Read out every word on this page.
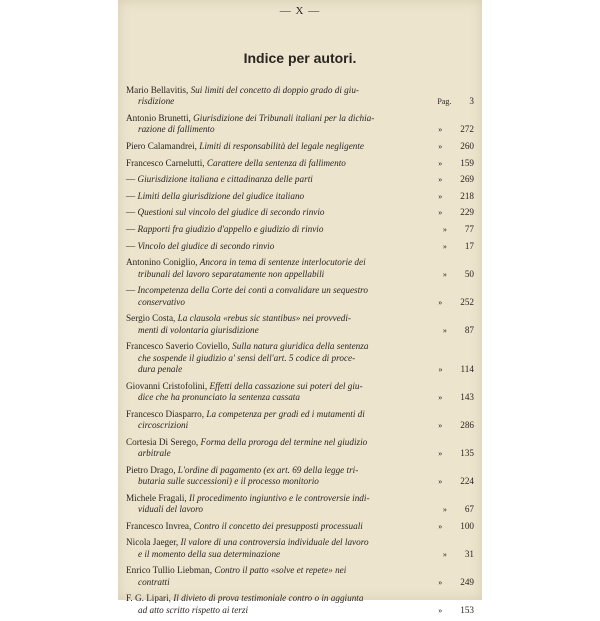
— X —
Indice per autori.
Mario Bellavitis, Sui limiti del concetto di doppio grado di giu-
risdizione	Pag. 3
Antonio Brunetti, Giurisdizione dei Tribunali italiani per la dichia-
razione di fallimento	» 272
Piero Calamandrei, Limiti di responsabilità del legale negligente	» 260
Francesco Carnelutti, Carattere della sentenza di fallimento	» 159
— Giurisdizione italiana e cittadinanza delle parti	» 269
— Limiti della giurisdizione del giudice italiano	» 218
— Questioni sul vincolo del giudice di secondo rinvio	» 229
— Rapporti fra giudizio d'appello e giudizio di rinvio	» 77
— Vincolo del giudice di secondo rinvio	» 17
Antonino Coniglio, Ancora in tema di sentenze interlocutorie dei
tribunali del lavoro separatamente non appellabili	» 50
— Incompetenza della Corte dei conti a convalidare un sequestro
conservativo	» 252
Sergio Costa, La clausola «rebus sic stantibus» nei provvedi-
menti di volontaria giurisdizione	» 87
Francesco Saverio Coviello, Sulla natura giuridica della sentenza
che sospende il giudizio a' sensi dell'art. 5 codice di proce-
dura penale	» 114
Giovanni Cristofolini, Effetti della cassazione sui poteri del giu-
dice che ha pronunciato la sentenza cassata	» 143
Francesco Diasparro, La competenza per gradi ed i mutamenti di
circoscrizioni	» 286
Cortesia Di Serego, Forma della proroga del termine nel giudizio
arbitrale	» 135
Pietro Drago, L'ordine di pagamento (ex art. 69 della legge tri-
butaria sulle successioni) e il processo monitorio	» 224
Michele Fragali, Il procedimento ingiuntivo e le controversie indi-
viduali del lavoro	» 67
Francesco Invrea, Contro il concetto dei presupposti processuali	» 100
Nicola Jaeger, Il valore di una controversia individuale del lavoro
e il momento della sua determinazione	» 31
Enrico Tullio Liebman, Contro il patto «solve et repete» nei
contratti	» 249
F. G. Lipari, Il divieto di prova testimoniale contro o in aggiunta
ad atto scritto rispetto ai terzi	» 153
